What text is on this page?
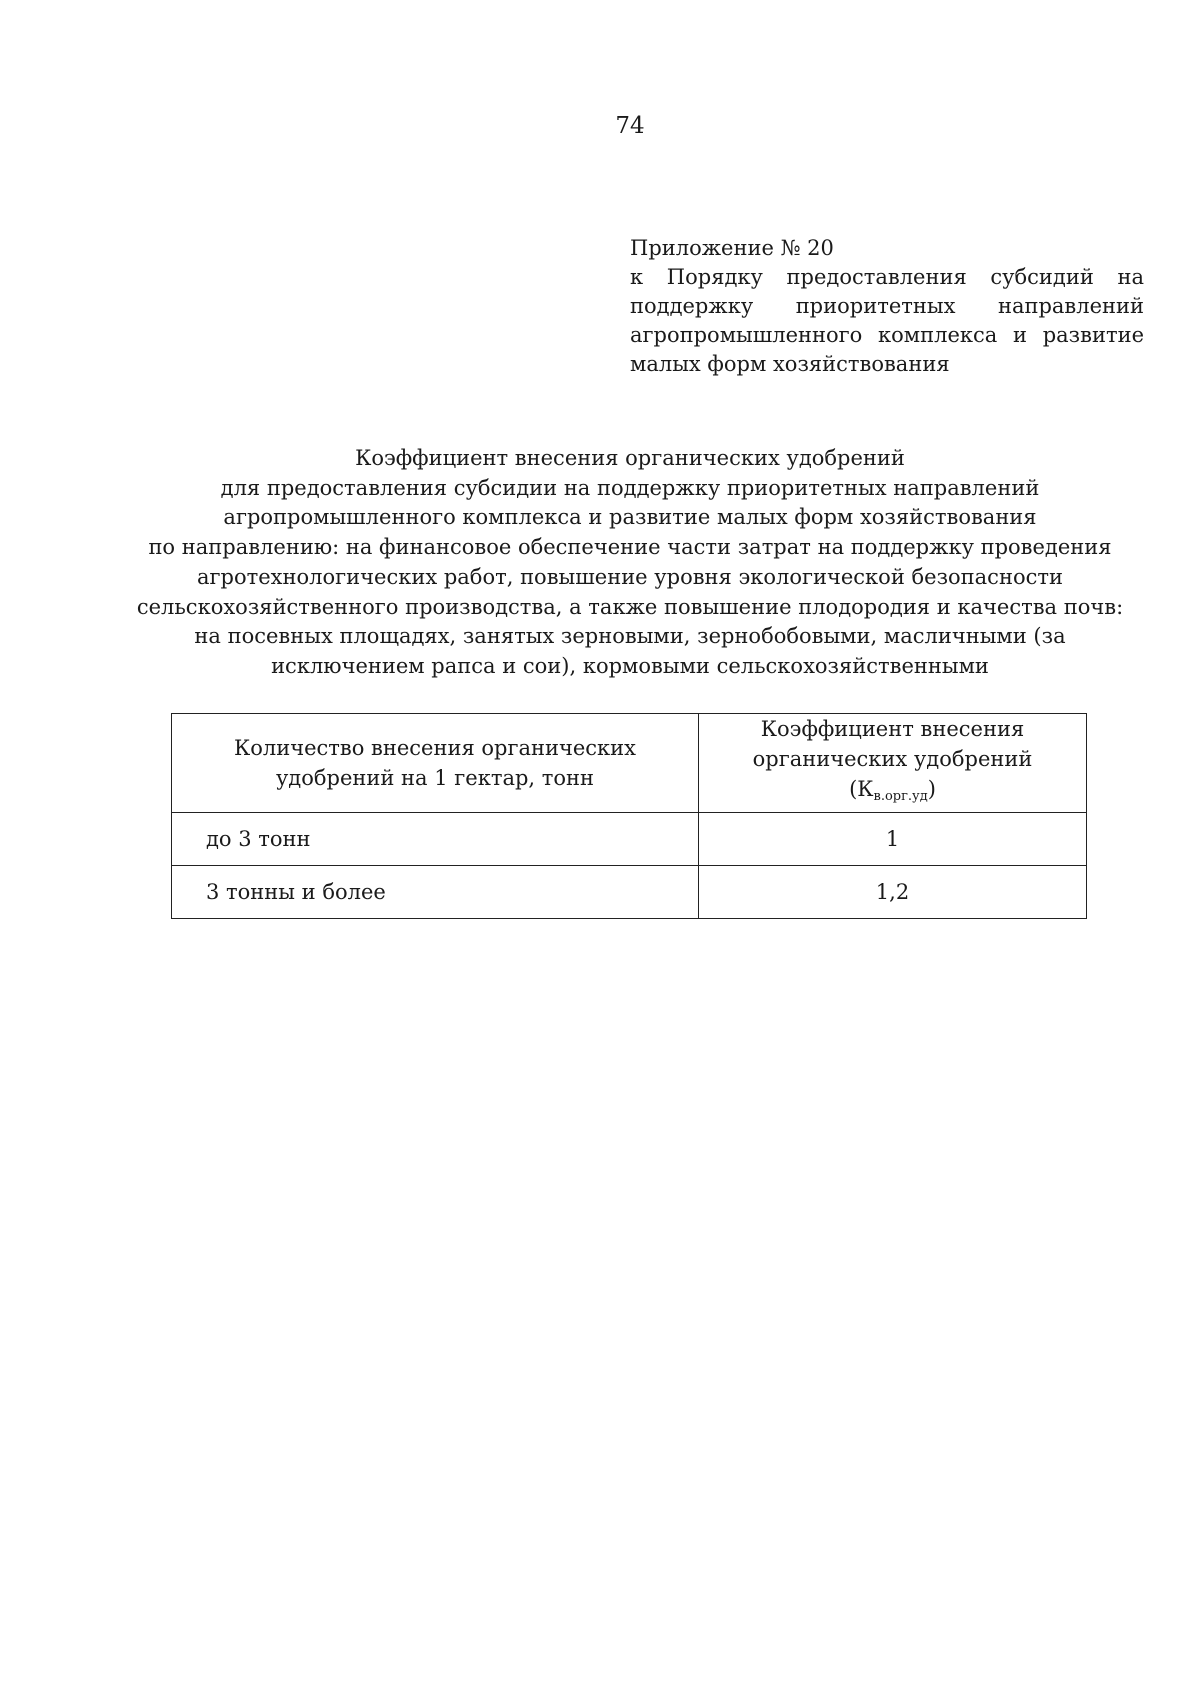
74
Приложение № 20
к Порядку предоставления субсидий на поддержку приоритетных направлений агропромышленного комплекса и развитие малых форм хозяйствования
Коэффициент внесения органических удобрений
для предоставления субсидии на поддержку приоритетных направлений
агропромышленного комплекса и развитие малых форм хозяйствования
по направлению: на финансовое обеспечение части затрат на поддержку проведения
агротехнологических работ, повышение уровня экологической безопасности
сельскохозяйственного производства, а также повышение плодородия и качества почв:
на посевных площадях, занятых зерновыми, зернобобовыми, масличными (за
исключением рапса и сои), кормовыми сельскохозяйственными
Количество внесения органических удобрений на 1 гектар, тонн	Коэффициент внесения органических удобрений $(К_{в.орг.уд})$
до 3 тонн	1
3 тонны и более	1,2
